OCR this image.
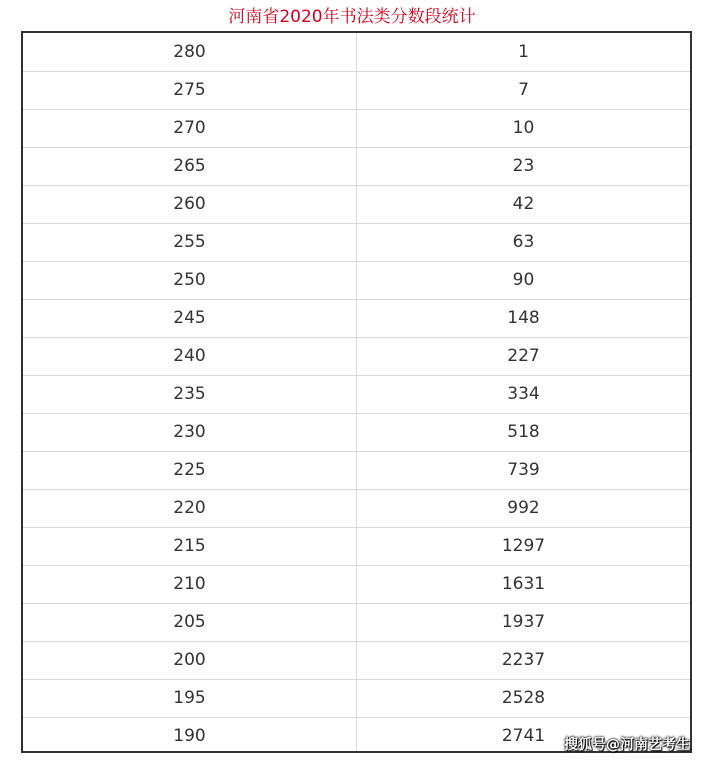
河南省2020年书法类分数段统计
280	1
275	7
270	10
265	23
260	42
255	63
250	90
245	148
240	227
235	334
230	518
225	739
220	992
215	1297
210	1631
205	1937
200	2237
195	2528
190	2741 搜狐号@河南艺考生
